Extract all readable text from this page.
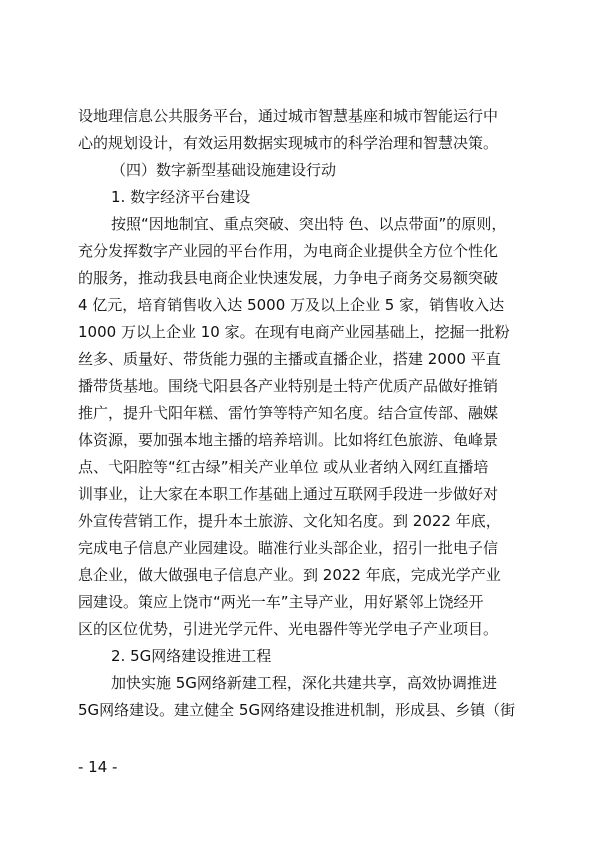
设地理信息公共服务平台，通过城市智慧基座和城市智能运行中
心的规划设计，有效运用数据实现城市的科学治理和智慧决策。
（四）数字新型基础设施建设行动
1. 数字经济平台建设
按照“因地制宜、重点突破、突出特 色、以点带面”的原则，
充分发挥数字产业园的平台作用，为电商企业提供全方位个性化
的服务，推动我县电商企业快速发展，力争电子商务交易额突破
4 亿元，培育销售收入达 5000 万及以上企业 5 家，销售收入达
1000 万以上企业 10 家。在现有电商产业园基础上，挖掘一批粉
丝多、质量好、带货能力强的主播或直播企业，搭建 2000 平直
播带货基地。围绕弋阳县各产业特别是土特产优质产品做好推销
推广，提升弋阳年糕、雷竹笋等特产知名度。结合宣传部、融媒
体资源，要加强本地主播的培养培训。比如将红色旅游、龟峰景
点、弋阳腔等“红古绿”相关产业单位 或从业者纳入网红直播培
训事业，让大家在本职工作基础上通过互联网手段进一步做好对
外宣传营销工作，提升本土旅游、文化知名度。到 2022 年底，
完成电子信息产业园建设。瞄准行业头部企业，招引一批电子信
息企业，做大做强电子信息产业。到 2022 年底，完成光学产业
园建设。策应上饶市“两光一车”主导产业，用好紧邻上饶经开
区的区位优势，引进光学元件、光电器件等光学电子产业项目。
2. 5G网络建设推进工程
加快实施 5G网络新建工程，深化共建共享，高效协调推进
5G网络建设。建立健全 5G网络建设推进机制，形成县、乡镇（街
- 14 -
